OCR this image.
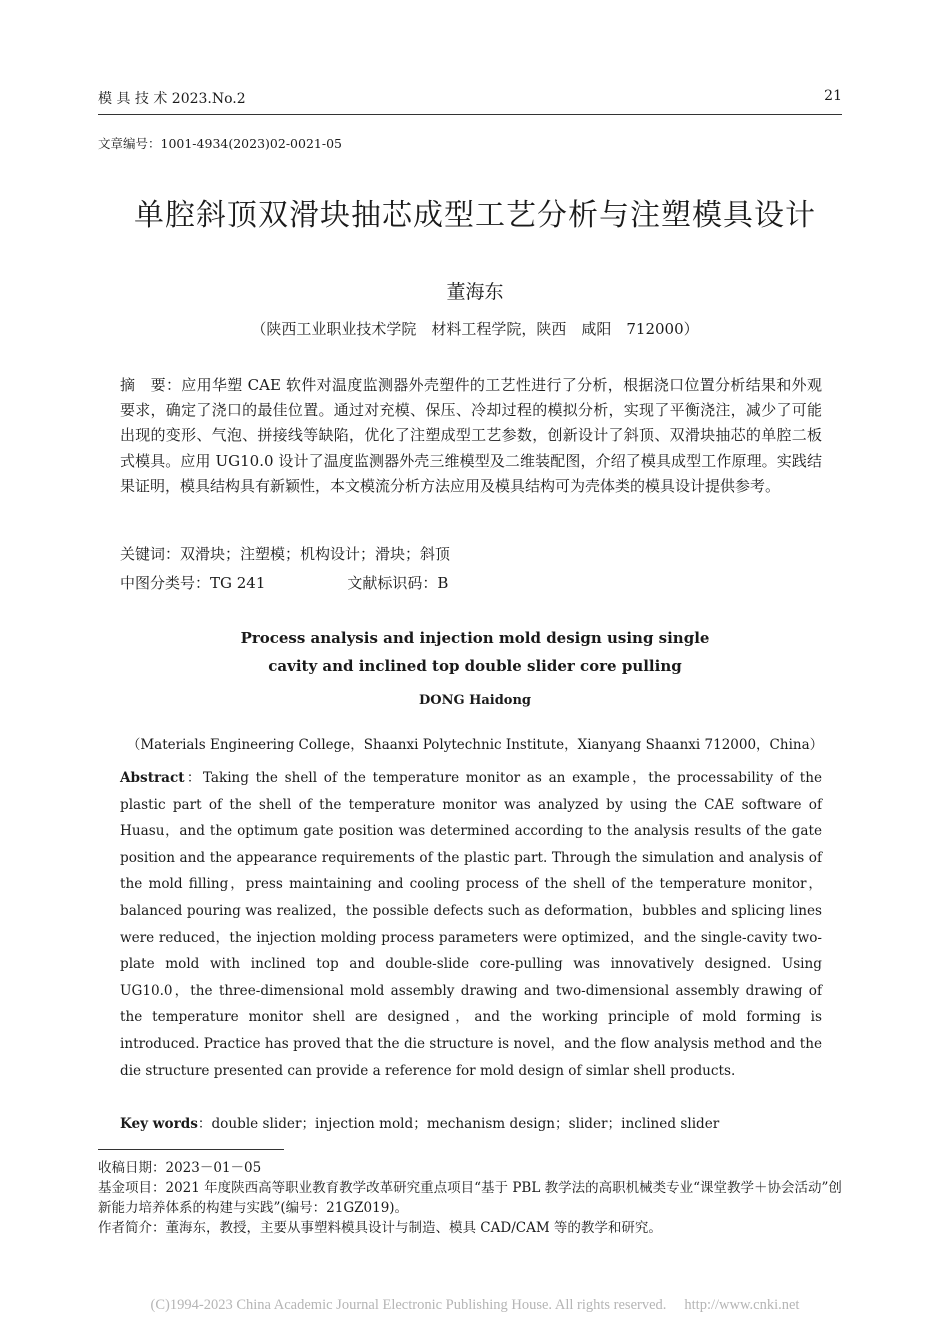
模 具 技 术 2023.No.2	21
文章编号：1001-4934(2023)02-0021-05
单腔斜顶双滑块抽芯成型工艺分析与注塑模具设计
董海东
（陕西工业职业技术学院　材料工程学院，陕西　咸阳　712000）
摘　要：应用华塑 CAE 软件对温度监测器外壳塑件的工艺性进行了分析，根据浇口位置分析结果和外观要求，确定了浇口的最佳位置。通过对充模、保压、冷却过程的模拟分析，实现了平衡浇注，减少了可能出现的变形、气泡、拼接线等缺陷，优化了注塑成型工艺参数，创新设计了斜顶、双滑块抽芯的单腔二板式模具。应用 UG10.0 设计了温度监测器外壳三维模型及二维装配图，介绍了模具成型工作原理。实践结果证明，模具结构具有新颖性，本文模流分析方法应用及模具结构可为壳体类的模具设计提供参考。
关键词：双滑块；注塑模；机构设计；滑块；斜顶
中图分类号：TG 241	文献标识码：B
Process analysis and injection mold design using single
cavity and inclined top double slider core pulling
DONG Haidong
（Materials Engineering College，Shaanxi Polytechnic Institute，Xianyang Shaanxi 712000，China）
Abstract：Taking the shell of the temperature monitor as an example，the processability of the plastic part of the shell of the temperature monitor was analyzed by using the CAE software of Huasu，and the optimum gate position was determined according to the analysis results of the gate position and the appearance requirements of the plastic part. Through the simulation and analysis of the mold filling，press maintaining and cooling process of the shell of the temperature monitor，balanced pouring was realized，the possible defects such as deformation，bubbles and splicing lines were reduced，the injection molding process parameters were optimized，and the single-cavity two-plate mold with inclined top and double-slide core-pulling was innovatively designed. Using UG10.0，the three-dimensional mold assembly drawing and two-dimensional assembly drawing of the temperature monitor shell are designed，and the working principle of mold forming is introduced. Practice has proved that the die structure is novel，and the flow analysis method and the die structure presented can provide a reference for mold design of simlar shell products.
Key words：double slider；injection mold；mechanism design；slider；inclined slider

收稿日期：2023－01－05

基金项目：2021 年度陕西高等职业教育教学改革研究重点项目“基于 PBL 教学法的高职机械类专业“课堂教学＋协会活动”创新能力培养体系的构建与实践”(编号：21GZ019)。

作者简介：董海东，教授，主要从事塑料模具设计与制造、模具 CAD/CAM 等的教学和研究。

(C)1994-2023 China Academic Journal Electronic Publishing House. All rights reserved. http://www.cnki.net
